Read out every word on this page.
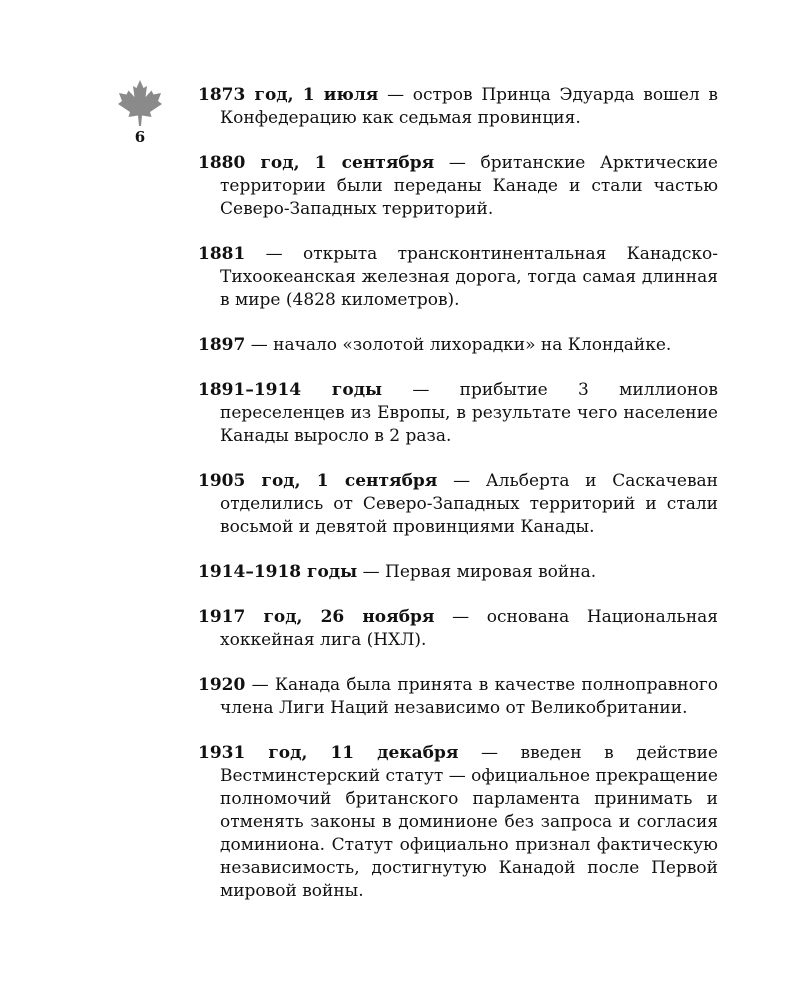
6

1873 год, 1 июля — остров Принца Эдуарда вошел в Конфедерацию как седьмая провинция.

1880 год, 1 сентября — британские Арктические территории были переданы Канаде и стали частью Северо-Западных территорий.

1881 — открыта трансконтинентальная Канадско-Тихоокеанская железная дорога, тогда самая длинная в мире (4828 километров).

1897 — начало «золотой лихорадки» на Клондайке.

1891–1914 годы — прибытие 3 миллионов переселенцев из Европы, в результате чего население Канады выросло в 2 раза.

1905 год, 1 сентября — Альберта и Саскачеван отделились от Северо-Западных территорий и стали восьмой и девятой провинциями Канады.

1914–1918 годы — Первая мировая война.

1917 год, 26 ноября — основана Национальная хоккейная лига (НХЛ).

1920 — Канада была принята в качестве полноправного члена Лиги Наций независимо от Великобритании.

1931 год, 11 декабря — введен в действие Вестминстерский статут — официальное прекращение полномочий британского парламента принимать и отменять законы в доминионе без запроса и согласия доминиона. Статут официально признал фактическую независимость, достигнутую Канадой после Первой мировой войны.
